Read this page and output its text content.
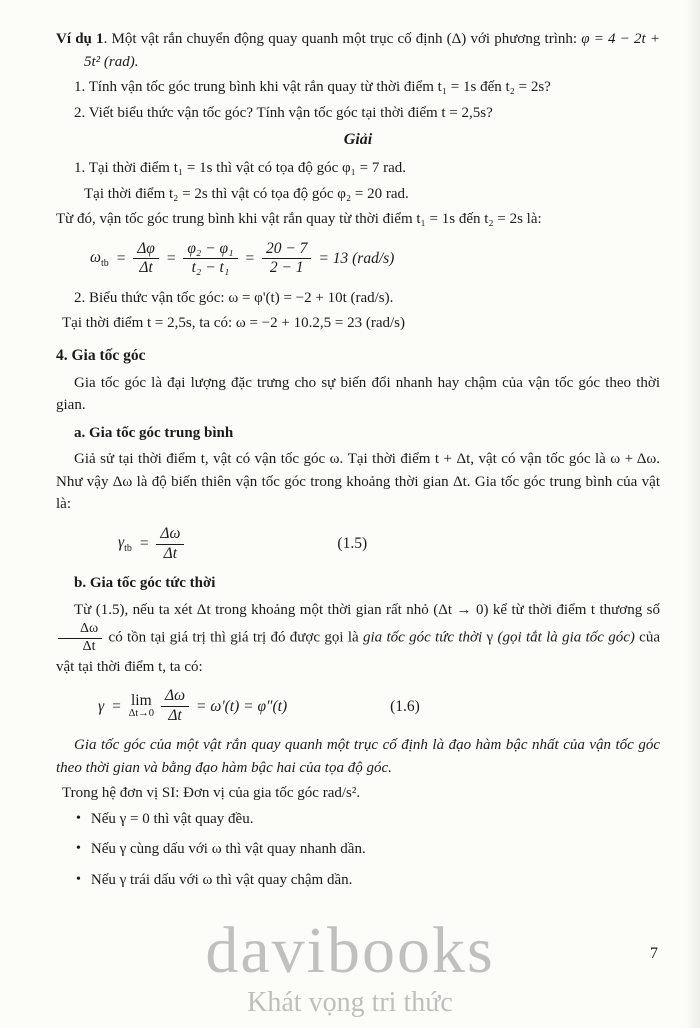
Ví dụ 1. Một vật rắn chuyển động quay quanh một trục cố định (Δ) với phương trình: φ = 4 − 2t + 5t² (rad).

1. Tính vận tốc góc trung bình khi vật rắn quay từ thời điểm t₁ = 1s đến t₂ = 2s?

2. Viết biểu thức vận tốc góc? Tính vận tốc góc tại thời điểm t = 2,5s?

Giải

1. Tại thời điểm t₁ = 1s thì vật có tọa độ góc φ₁ = 7 rad.

Tại thời điểm t₂ = 2s thì vật có tọa độ góc φ₂ = 20 rad.

Từ đó, vận tốc góc trung bình khi vật rắn quay từ thời điểm t₁ = 1s đến t₂ = 2s là:

$\omega_{tb} = \frac{\Delta\varphi}{\Delta t} = \frac{\text{φ₂ − φ₁}}{\text{t₂ − t₁}} = \frac{20 - 7}{2 - 1} = 13$ (rad/s)

2. Biểu thức vận tốc góc: ω = φ'(t) = −2 + 10t (rad/s).

Tại thời điểm t = 2,5s, ta có: ω = −2 + 10.2,5 = 23 (rad/s)

4. Gia tốc góc

Gia tốc góc là đại lượng đặc trưng cho sự biến đổi nhanh hay chậm của vận tốc góc theo thời gian.

a. Gia tốc góc trung bình

Giả sử tại thời điểm t, vật có vận tốc góc ω. Tại thời điểm t + Δt, vật có vận tốc góc là ω + Δω. Như vậy Δω là độ biến thiên vận tốc góc trong khoảng thời gian Δt. Gia tốc góc trung bình của vật là:

$\gamma_{tb} = \frac{\Delta\omega}{\Delta t}$	(1.5)

b. Gia tốc góc tức thời

Từ (1.5), nếu ta xét Δt trong khoảng một thời gian rất nhỏ (Δt → 0) kể từ thời điểm t thương số
$\frac{\Delta\omega}{\Delta t}$ có tồn tại giá trị thì giá trị đó được gọi là gia tốc góc tức thời γ (gọi tắt là gia tốc góc) của vật tại thời điểm t, ta có:

γ = lim
$\Delta t\to 0 \frac{\Delta\omega}{\Delta t} = \omega'(t) = \varphi''(t)$	(1.6)

Gia tốc góc của một vật rắn quay quanh một trục cố định là đạo hàm bậc nhất của vận tốc góc theo thời gian và bằng đạo hàm bậc hai của tọa độ góc.

Trong hệ đơn vị SI: Đơn vị của gia tốc góc rad/s².

• Nếu γ = 0 thì vật quay đều.
• Nếu γ cùng dấu với ω thì vật quay nhanh dần.
• Nếu γ trái dấu với ω thì vật quay chậm dần.
davibooks
Khát vọng tri thức
7
